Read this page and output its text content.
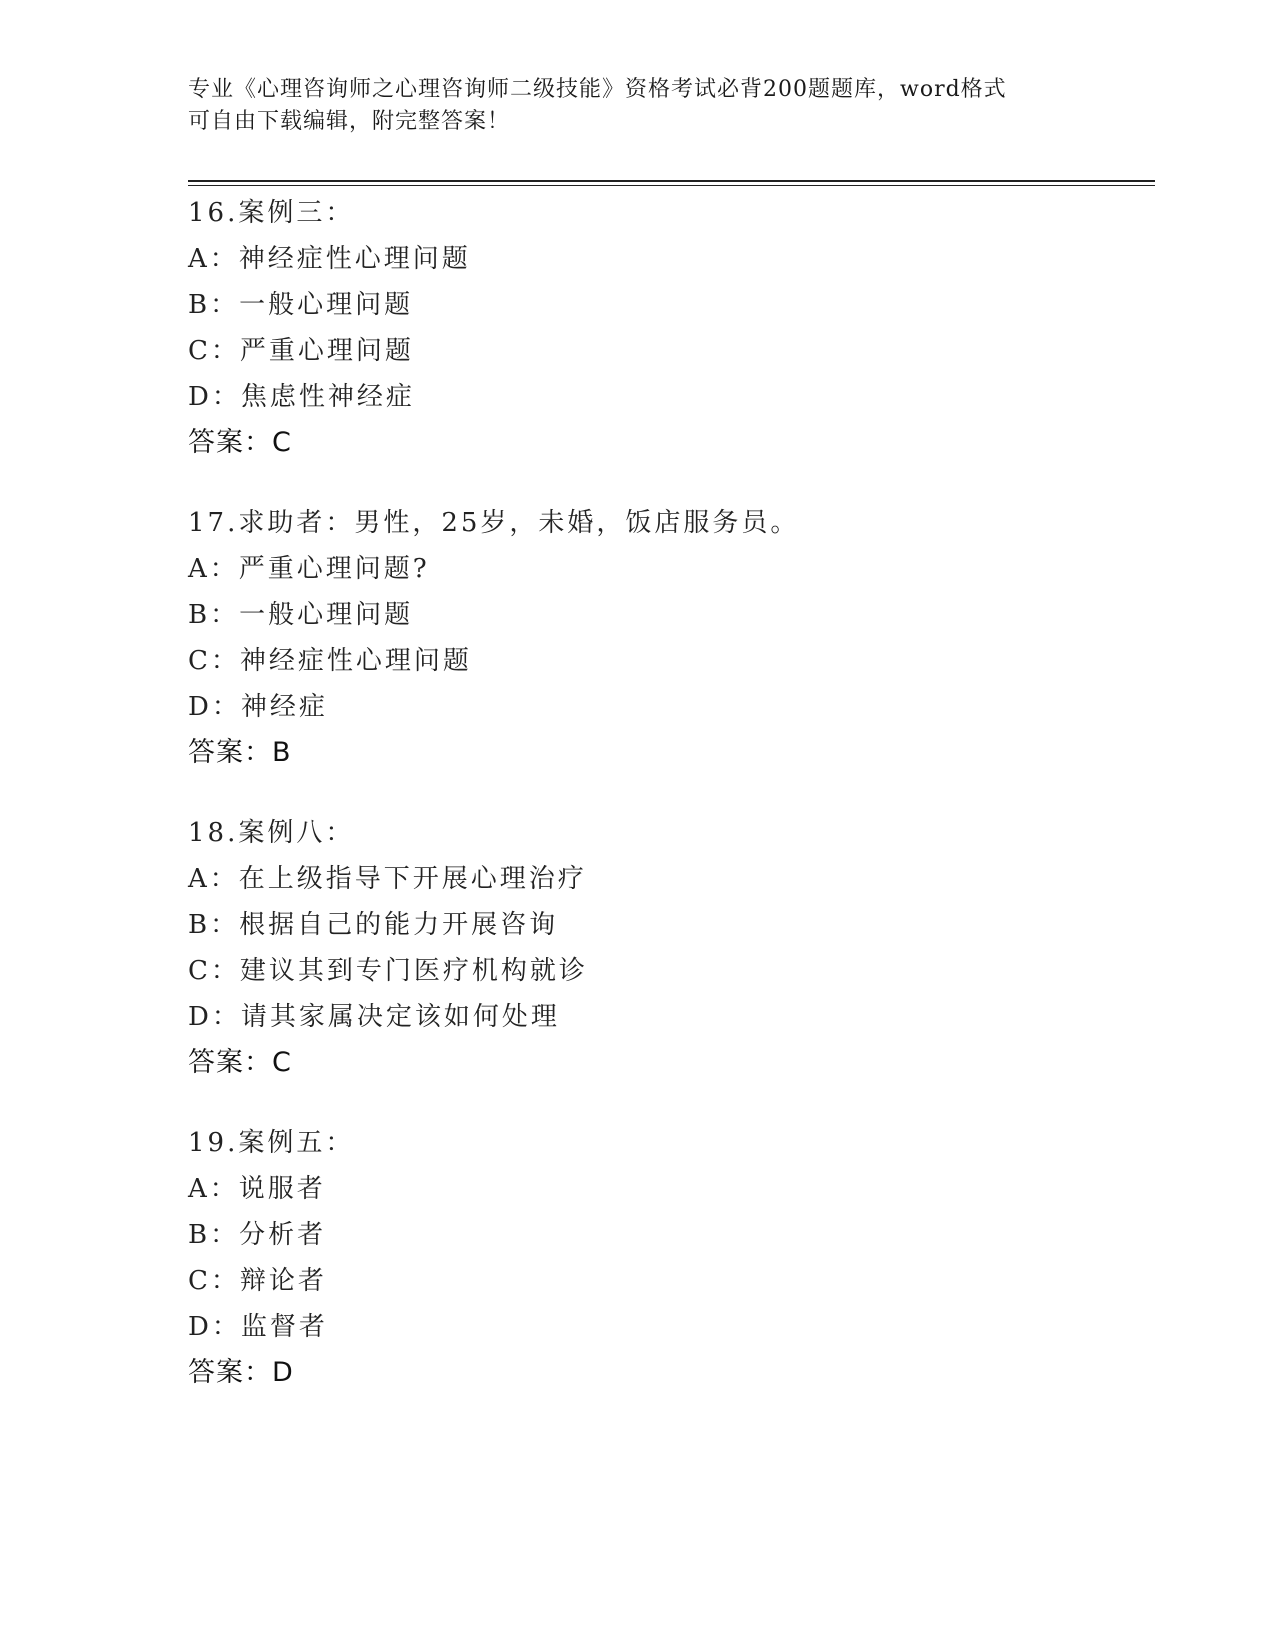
专业《心理咨询师之心理咨询师二级技能》资格考试必背200题题库，word格式
可自由下载编辑，附完整答案！
16.案例三：
A：神经症性心理问题
B：一般心理问题
C：严重心理问题
D：焦虑性神经症
答案：C
17.求助者：男性，25岁，未婚，饭店服务员。
A：严重心理问题?
B：一般心理问题
C：神经症性心理问题
D：神经症
答案：B
18.案例八：
A：在上级指导下开展心理治疗
B：根据自己的能力开展咨询
C：建议其到专门医疗机构就诊
D：请其家属决定该如何处理
答案：C
19.案例五：
A：说服者
B：分析者
C：辩论者
D：监督者
答案：D
